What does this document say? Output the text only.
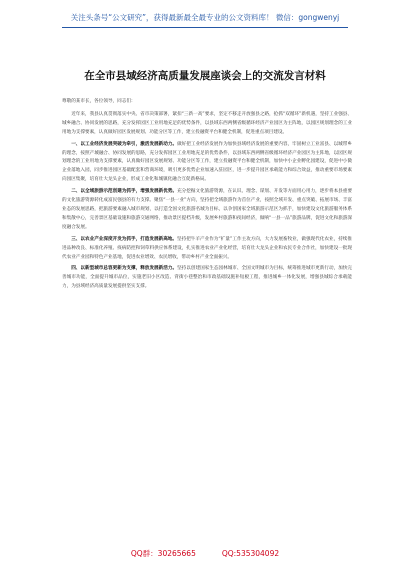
关注头条号“公文研究”，获得最新最全最专业的公文资料库！ 微信：gongwenyj
在全市县域经济高质量发展座谈会上的交流发言材料

尊敬的某市长，各位领导，同志们：

近年来，我县认真贯彻落实中央、省市决策部署，紧扣“三新一高”要求，坚定不移走开放强县之路，抢抓“双循环”新机遇，坚持工业强县、城乡融合、协同发展的思路，充分发挥园区工业用地充足的优势条件，以县域东西两侧省级循环经济产业园区为主阵地，以园区规划理念的工业用地为支撑要素，认真做好园区发展规划、功能分区等工作，建立投融资平台和健全机制，促进重点项目建设。

一、以工业经济发展突破为牵引，激活发展新动力。做好把工业经济发展作为加快县域经济发展的重要内容，牢固树立工业富县、以城带乡的理念，按照产城融合、协同发展的思路，充分发挥园区工业用地充足的优势条件，以县域东西两侧省级循环经济产业园区为主阵地，以园区规划理念的工业用地为支撑要素，认真做好园区发展规划、功能分区等工作，建立投融资平台和健全机制，加快中小企业孵化园建设，促进中小微企业落地入园，同步推进园区基础配套和营商环境，吸引更多优势企业加速入驻园区，进一步提升园区承载能力和综合效益，推动重要市场要素向园区集聚，培育壮大龙头企业，形成工业化和城镇化融合互促新格局。

二、以全域旅游示范创建为抓手，增强发展新优势。充分挖掘文化旅游资源，在认识、理念、谋划、开发等方面用心用力，逐步将本县重要的文化旅游资源转化成富民强县的有力支撑。聚焦“一县一业”方向，坚持把全域旅游作为首位产业，按照全域开发、重点突破、拓展市场、丰富业态的发展思路，把旅游要素融入城市规划，以打造全国文化旅游名城为目标，以争创国家全域旅游示范区为抓手，加快建设文化旅游服务体系和集散中心，完善景区基础设施和旅游交通网络，推动景区提档升级，发展乡村旅游和夜间经济，做响“一县一品”旅游品牌，促进文化和旅游深度融合发展。

三、以农业产业深度开发为抓手，打造发展新高地。坚持把牛羊产业作为“扩量”工作主攻方向，大力发展畜牧业，做强现代化农业，持续推进品种改良、标准化养殖、疫病防控和饲草料供应体系建设，扎实推进农业产业化经营，培育壮大龙头企业和农民专业合作社，加快建设一批现代农业产业园和特色产业基地，促进农业增效、农民增收，带动乡村产业全面振兴。

四、以新型城市总容更新为支撑，释放发展新活力。坚持以创建国家生态园林城市、全国文明城市为目标，统筹推进城市更新行动，加快完善城市功能，全面提升城市品位，实施老旧小区改造、背街小巷整治和市政基础设施补短板工程，推进城乡一体化发展，增强县城综合承载能力，为县域经济高质量发展提供坚实支撑。

QQ群：30265665	QQ:535304092
